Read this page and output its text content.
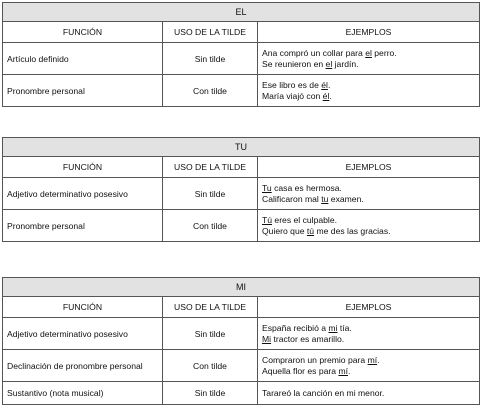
EL		
FUNCIÓN	USO DE LA TILDE	EJEMPLOS
Artículo definido	Sin tilde	Ana compró un collar para el perro.
Se reunieron en el jardín.

Pronombre personal	Con tilde	Ese libro es de él.
María viajó con él.
TU		
FUNCIÓN	USO DE LA TILDE	EJEMPLOS
Adjetivo determinativo posesivo	Sin tilde	Tu casa es hermosa.
Calificaron mal tu examen.

Pronombre personal	Con tilde	Tú eres el culpable.
Quiero que tú me des las gracias.
MI		
FUNCIÓN	USO DE LA TILDE	EJEMPLOS
Adjetivo determinativo posesivo	Sin tilde	España recibió a mi tía.
Mi tractor es amarillo.

Declinación de pronombre personal	Con tilde	Compraron un premio para mí.
Aquella flor es para mí.

Sustantivo (nota musical)	Sin tilde	Tarareó la canción en mi menor.
